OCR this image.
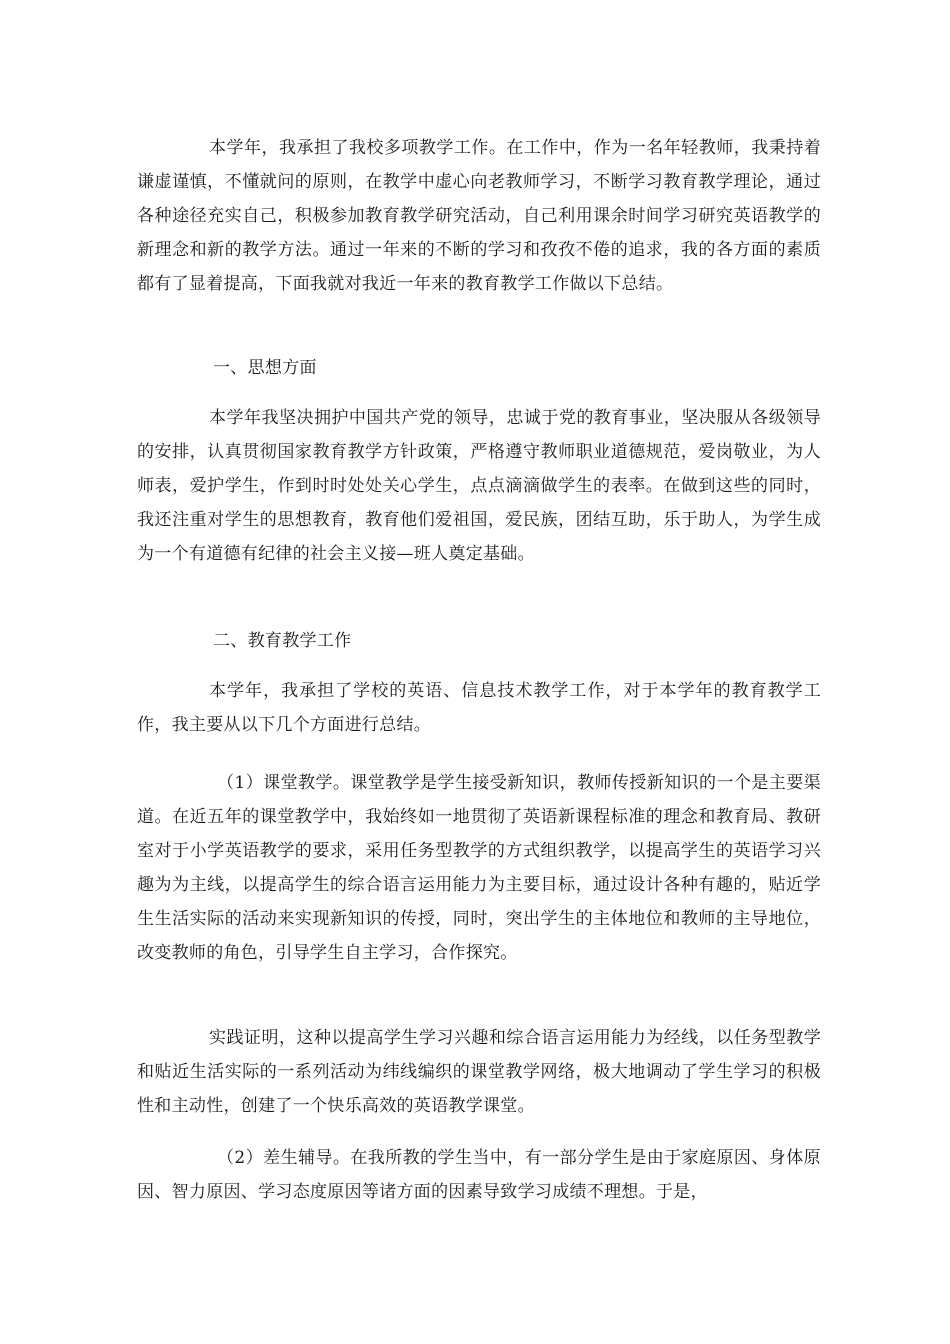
本学年，我承担了我校多项教学工作。在工作中，作为一名年轻教师，我秉持着谦虚谨慎，不懂就问的原则，在教学中虚心向老教师学习，不断学习教育教学理论，通过各种途径充实自己，积极参加教育教学研究活动，自己利用课余时间学习研究英语教学的新理念和新的教学方法。通过一年来的不断的学习和孜孜不倦的追求，我的各方面的素质都有了显着提高，下面我就对我近一年来的教育教学工作做以下总结。

一、思想方面

本学年我坚决拥护中国共产党的领导，忠诚于党的教育事业，坚决服从各级领导的安排，认真贯彻国家教育教学方针政策，严格遵守教师职业道德规范，爱岗敬业，为人师表，爱护学生，作到时时处处关心学生，点点滴滴做学生的表率。在做到这些的同时，我还注重对学生的思想教育，教育他们爱祖国，爱民族，团结互助，乐于助人，为学生成为一个有道德有纪律的社会主义接—班人奠定基础。

二、教育教学工作

本学年，我承担了学校的英语、信息技术教学工作，对于本学年的教育教学工作，我主要从以下几个方面进行总结。

（1）课堂教学。课堂教学是学生接受新知识，教师传授新知识的一个是主要渠道。在近五年的课堂教学中，我始终如一地贯彻了英语新课程标准的理念和教育局、教研室对于小学英语教学的要求，采用任务型教学的方式组织教学，以提高学生的英语学习兴趣为为主线，以提高学生的综合语言运用能力为主要目标，通过设计各种有趣的，贴近学生生活实际的活动来实现新知识的传授，同时，突出学生的主体地位和教师的主导地位，改变教师的角色，引导学生自主学习，合作探究。

实践证明，这种以提高学生学习兴趣和综合语言运用能力为经线，以任务型教学和贴近生活实际的一系列活动为纬线编织的课堂教学网络，极大地调动了学生学习的积极性和主动性，创建了一个快乐高效的英语教学课堂。

（2）差生辅导。在我所教的学生当中，有一部分学生是由于家庭原因、身体原因、智力原因、学习态度原因等诸方面的因素导致学习成绩不理想。于是，
